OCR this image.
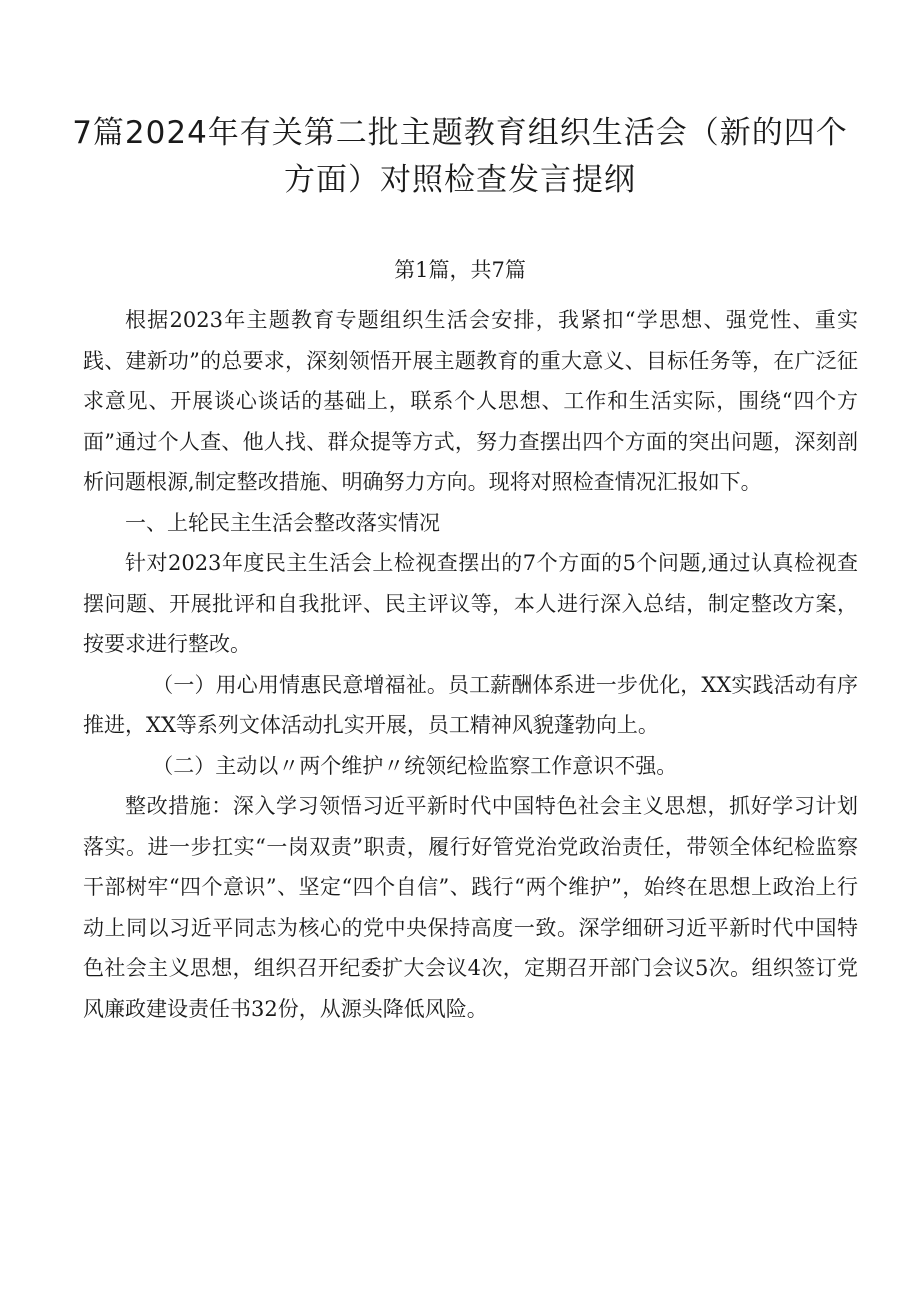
7篇2024年有关第二批主题教育组织生活会（新的四个
方面）对照检查发言提纲
第1篇，共7篇

根据2023年主题教育专题组织生活会安排，我紧扣“学思想、强党性、重实践、建新功”的总要求，深刻领悟开展主题教育的重大意义、目标任务等，在广泛征求意见、开展谈心谈话的基础上，联系个人思想、工作和生活实际，围绕“四个方面”通过个人查、他人找、群众提等方式，努力查摆出四个方面的突出问题，深刻剖析问题根源,制定整改措施、明确努力方向。现将对照检查情况汇报如下。

一、上轮民主生活会整改落实情况

针对2023年度民主生活会上检视查摆出的7个方面的5个问题,通过认真检视查摆问题、开展批评和自我批评、民主评议等，本人进行深入总结，制定整改方案，按要求进行整改。

（一）用心用情惠民意增福祉。员工薪酬体系进一步优化，XX实践活动有序推进，XX等系列文体活动扎实开展，员工精神风貌蓬勃向上。

（二）主动以〃两个维护〃统领纪检监察工作意识不强。

整改措施：深入学习领悟习近平新时代中国特色社会主义思想，抓好学习计划落实。进一步扛实“一岗双责”职责，履行好管党治党政治责任，带领全体纪检监察干部树牢“四个意识”、坚定“四个自信”、践行“两个维护”，始终在思想上政治上行动上同以习近平同志为核心的党中央保持高度一致。深学细研习近平新时代中国特色社会主义思想，组织召开纪委扩大会议4次，定期召开部门会议5次。组织签订党风廉政建设责任书32份，从源头降低风险。
